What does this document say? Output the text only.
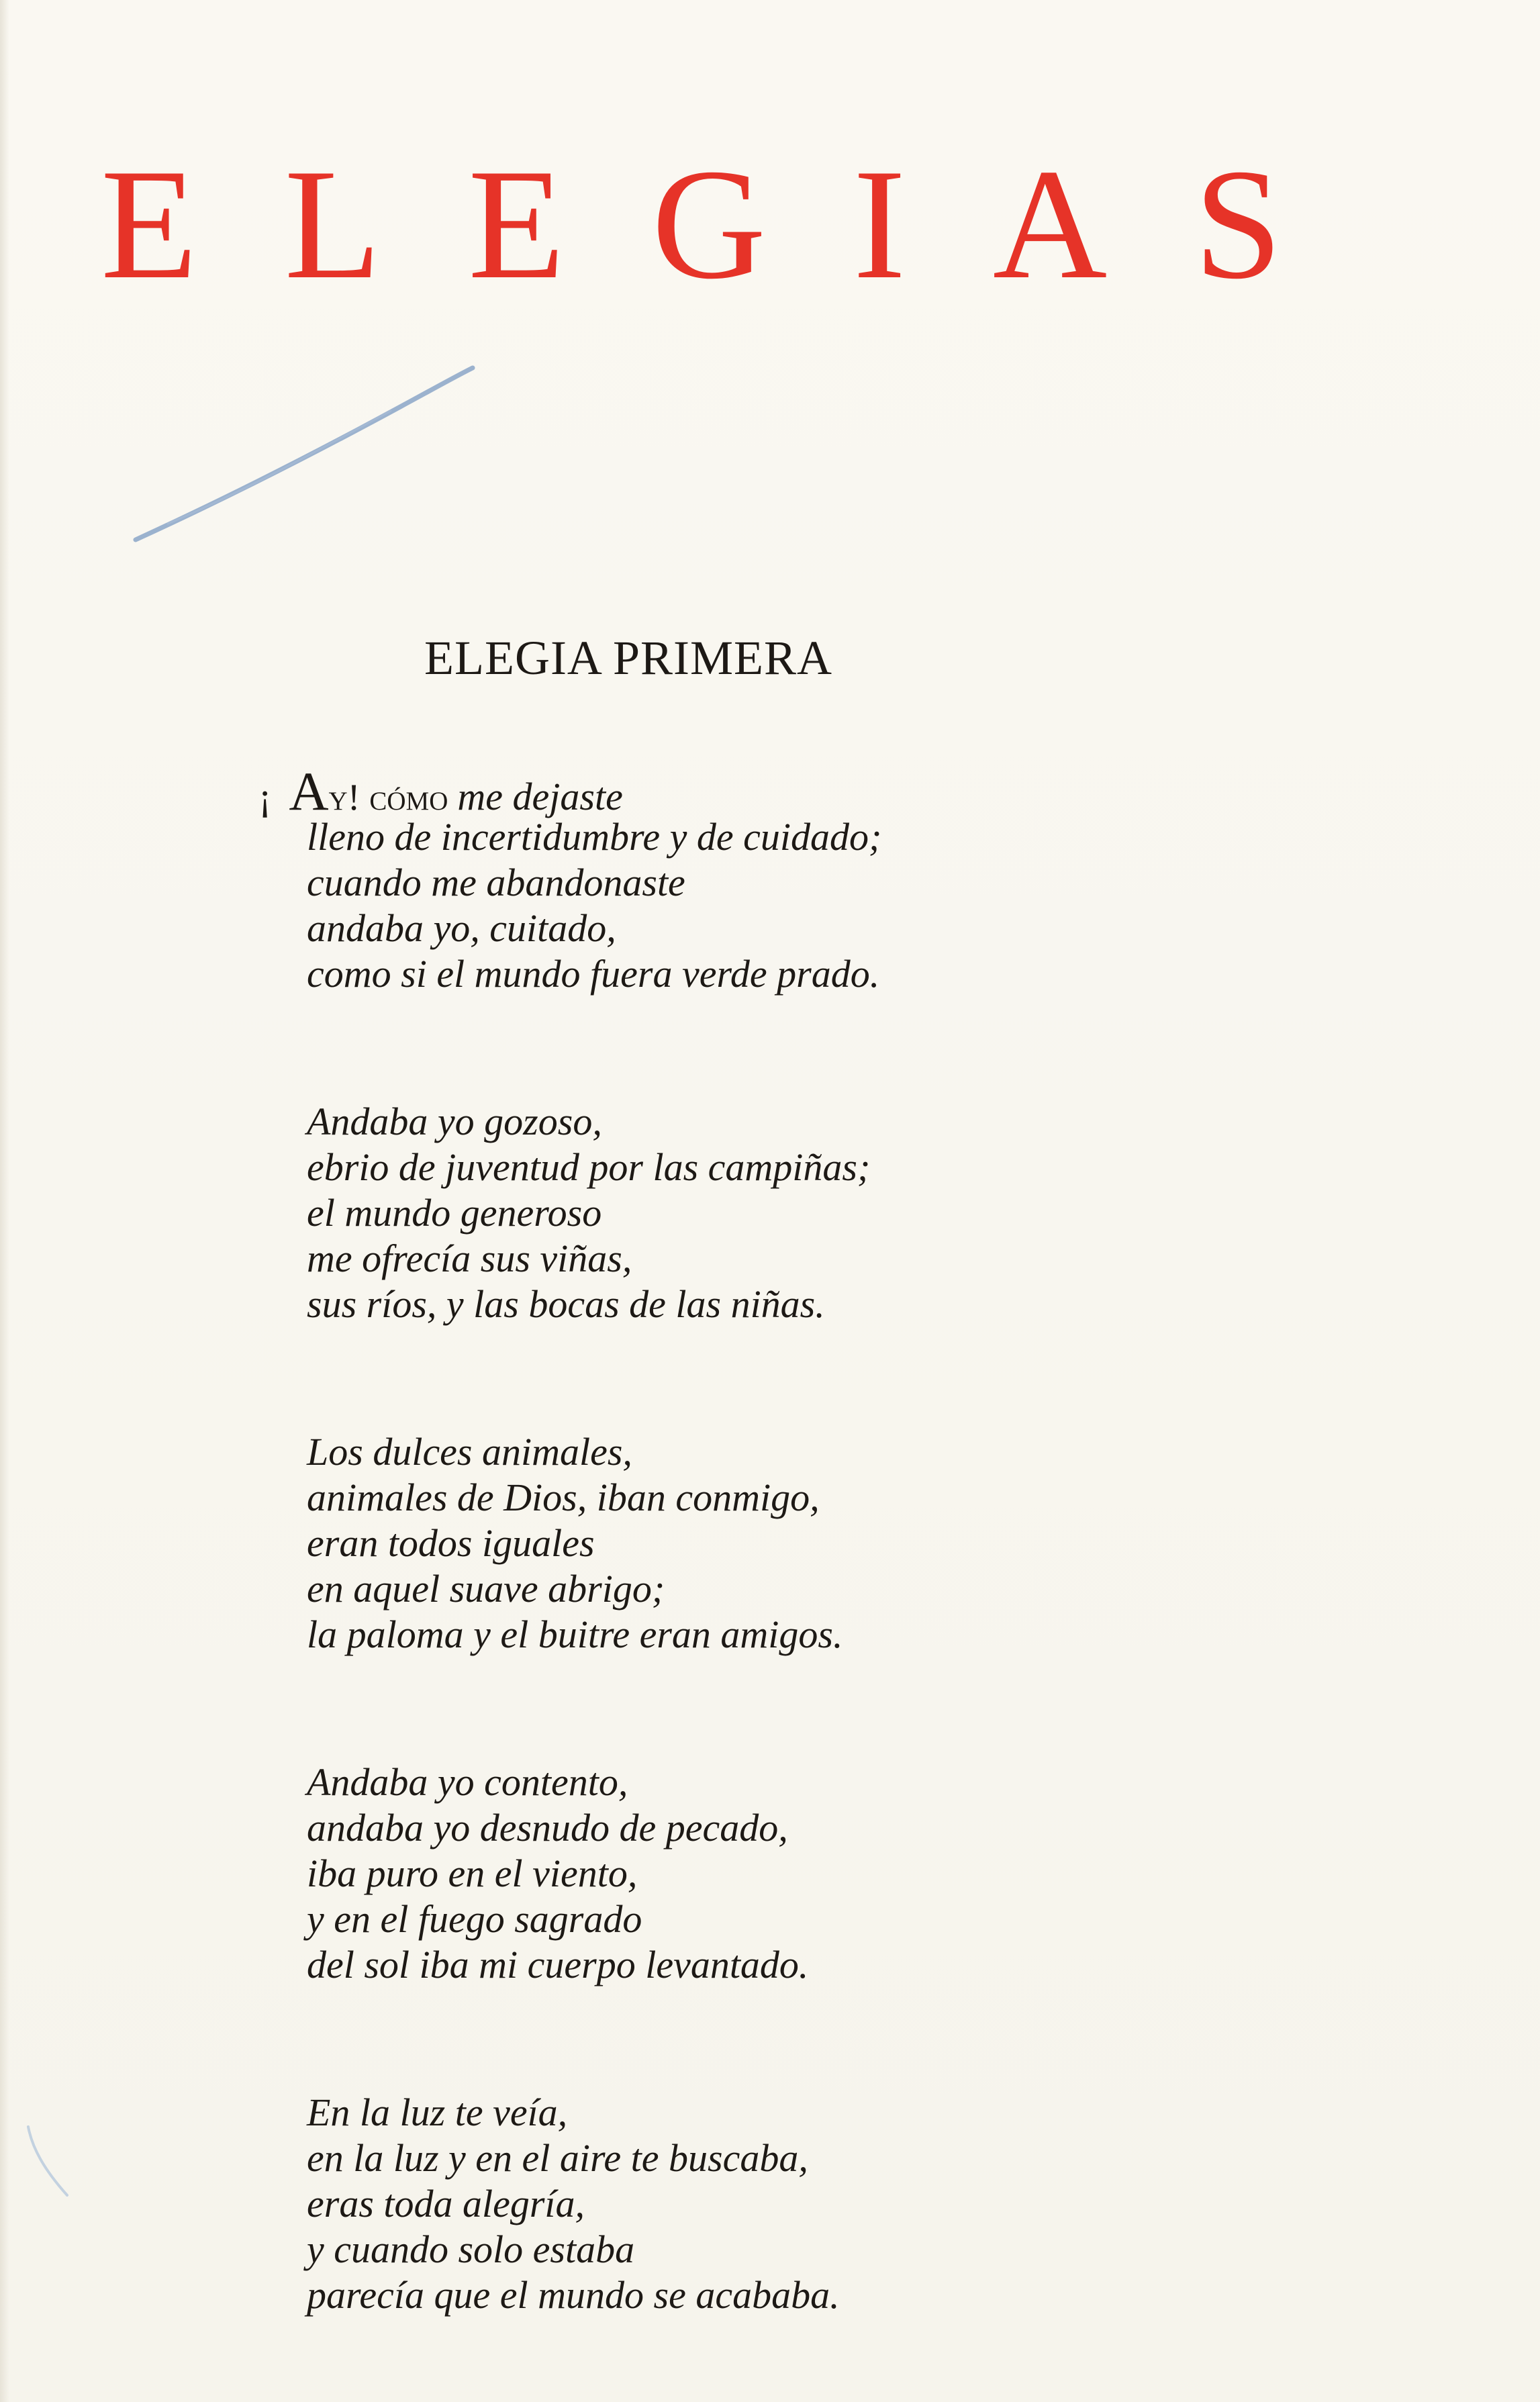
E L E G I A S
ELEGIA PRIMERA
¡ Ay! cómo me dejaste
lleno de incertidumbre y de cuidado;
cuando me abandonaste
andaba yo, cuitado,
como si el mundo fuera verde prado.
Andaba yo gozoso,
ebrio de juventud por las campiñas;
el mundo generoso
me ofrecía sus viñas,
sus ríos, y las bocas de las niñas.
Los dulces animales,
animales de Dios, iban conmigo,
eran todos iguales
en aquel suave abrigo;
la paloma y el buitre eran amigos.
Andaba yo contento,
andaba yo desnudo de pecado,
iba puro en el viento,
y en el fuego sagrado
del sol iba mi cuerpo levantado.
En la luz te veía,
en la luz y en el aire te buscaba,
eras toda alegría,
y cuando solo estaba
parecía que el mundo se acababa.
